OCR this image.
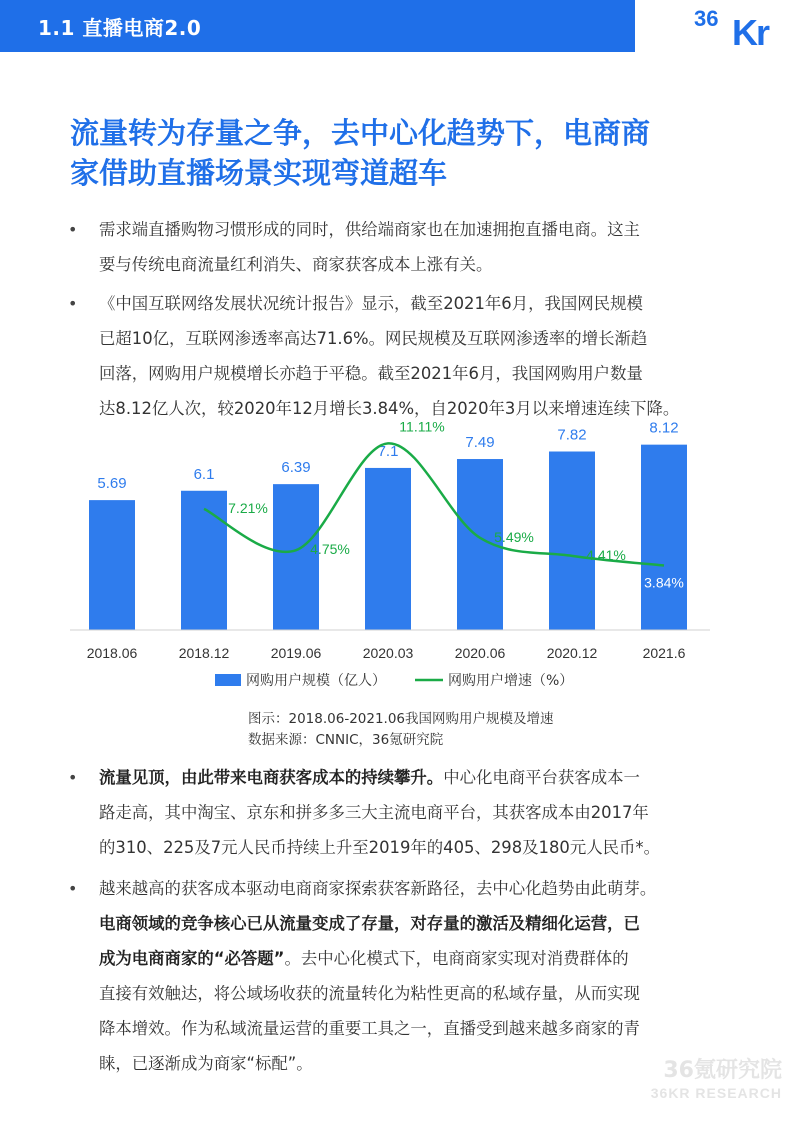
1.1 直播电商2.0	36 Kr
流量转为存量之争，去中心化趋势下，电商商
家借助直播场景实现弯道超车
• 需求端直播购物习惯形成的同时，供给端商家也在加速拥抱直播电商。这主
要与传统电商流量红利消失、商家获客成本上涨有关。
• 《中国互联网络发展状况统计报告》显示，截至2021年6月，我国网民规模
已超10亿，互联网渗透率高达71.6%。网民规模及互联网渗透率的增长渐趋
回落，网购用户规模增长亦趋于平稳。截至2021年6月，我国网购用户数量
达8.12亿人次，较2020年12月增长3.84%，自2020年3月以来增速连续下降。
5.69
6.1	6.39
7.1
7.49	7.82	8.12
2018.06	2018.12	2019.06	2020.03	2020.06	2020.12	2021.6
7.21%
4.75%
11.11%
5.49%
4.41%
3.84%
网购用户规模（亿人）	网购用户增速（%）
图示：2018.06-2021.06我国网购用户规模及增速
数据来源：CNNIC，36氪研究院
• 流量见顶，由此带来电商获客成本的持续攀升。中心化电商平台获客成本一
路走高，其中淘宝、京东和拼多多三大主流电商平台，其获客成本由2017年
的310、225及7元人民币持续上升至2019年的405、298及180元人民币*。
• 越来越高的获客成本驱动电商商家探索获客新路径，去中心化趋势由此萌芽。
电商领域的竞争核心已从流量变成了存量，对存量的激活及精细化运营，已
成为电商商家的“必答题”。去中心化模式下，电商商家实现对消费群体的
直接有效触达，将公域场收获的流量转化为粘性更高的私域存量，从而实现
降本增效。作为私域流量运营的重要工具之一，直播受到越来越多商家的青
睐，已逐渐成为商家“标配”。	36氪研究院
36KR RESEARCH
